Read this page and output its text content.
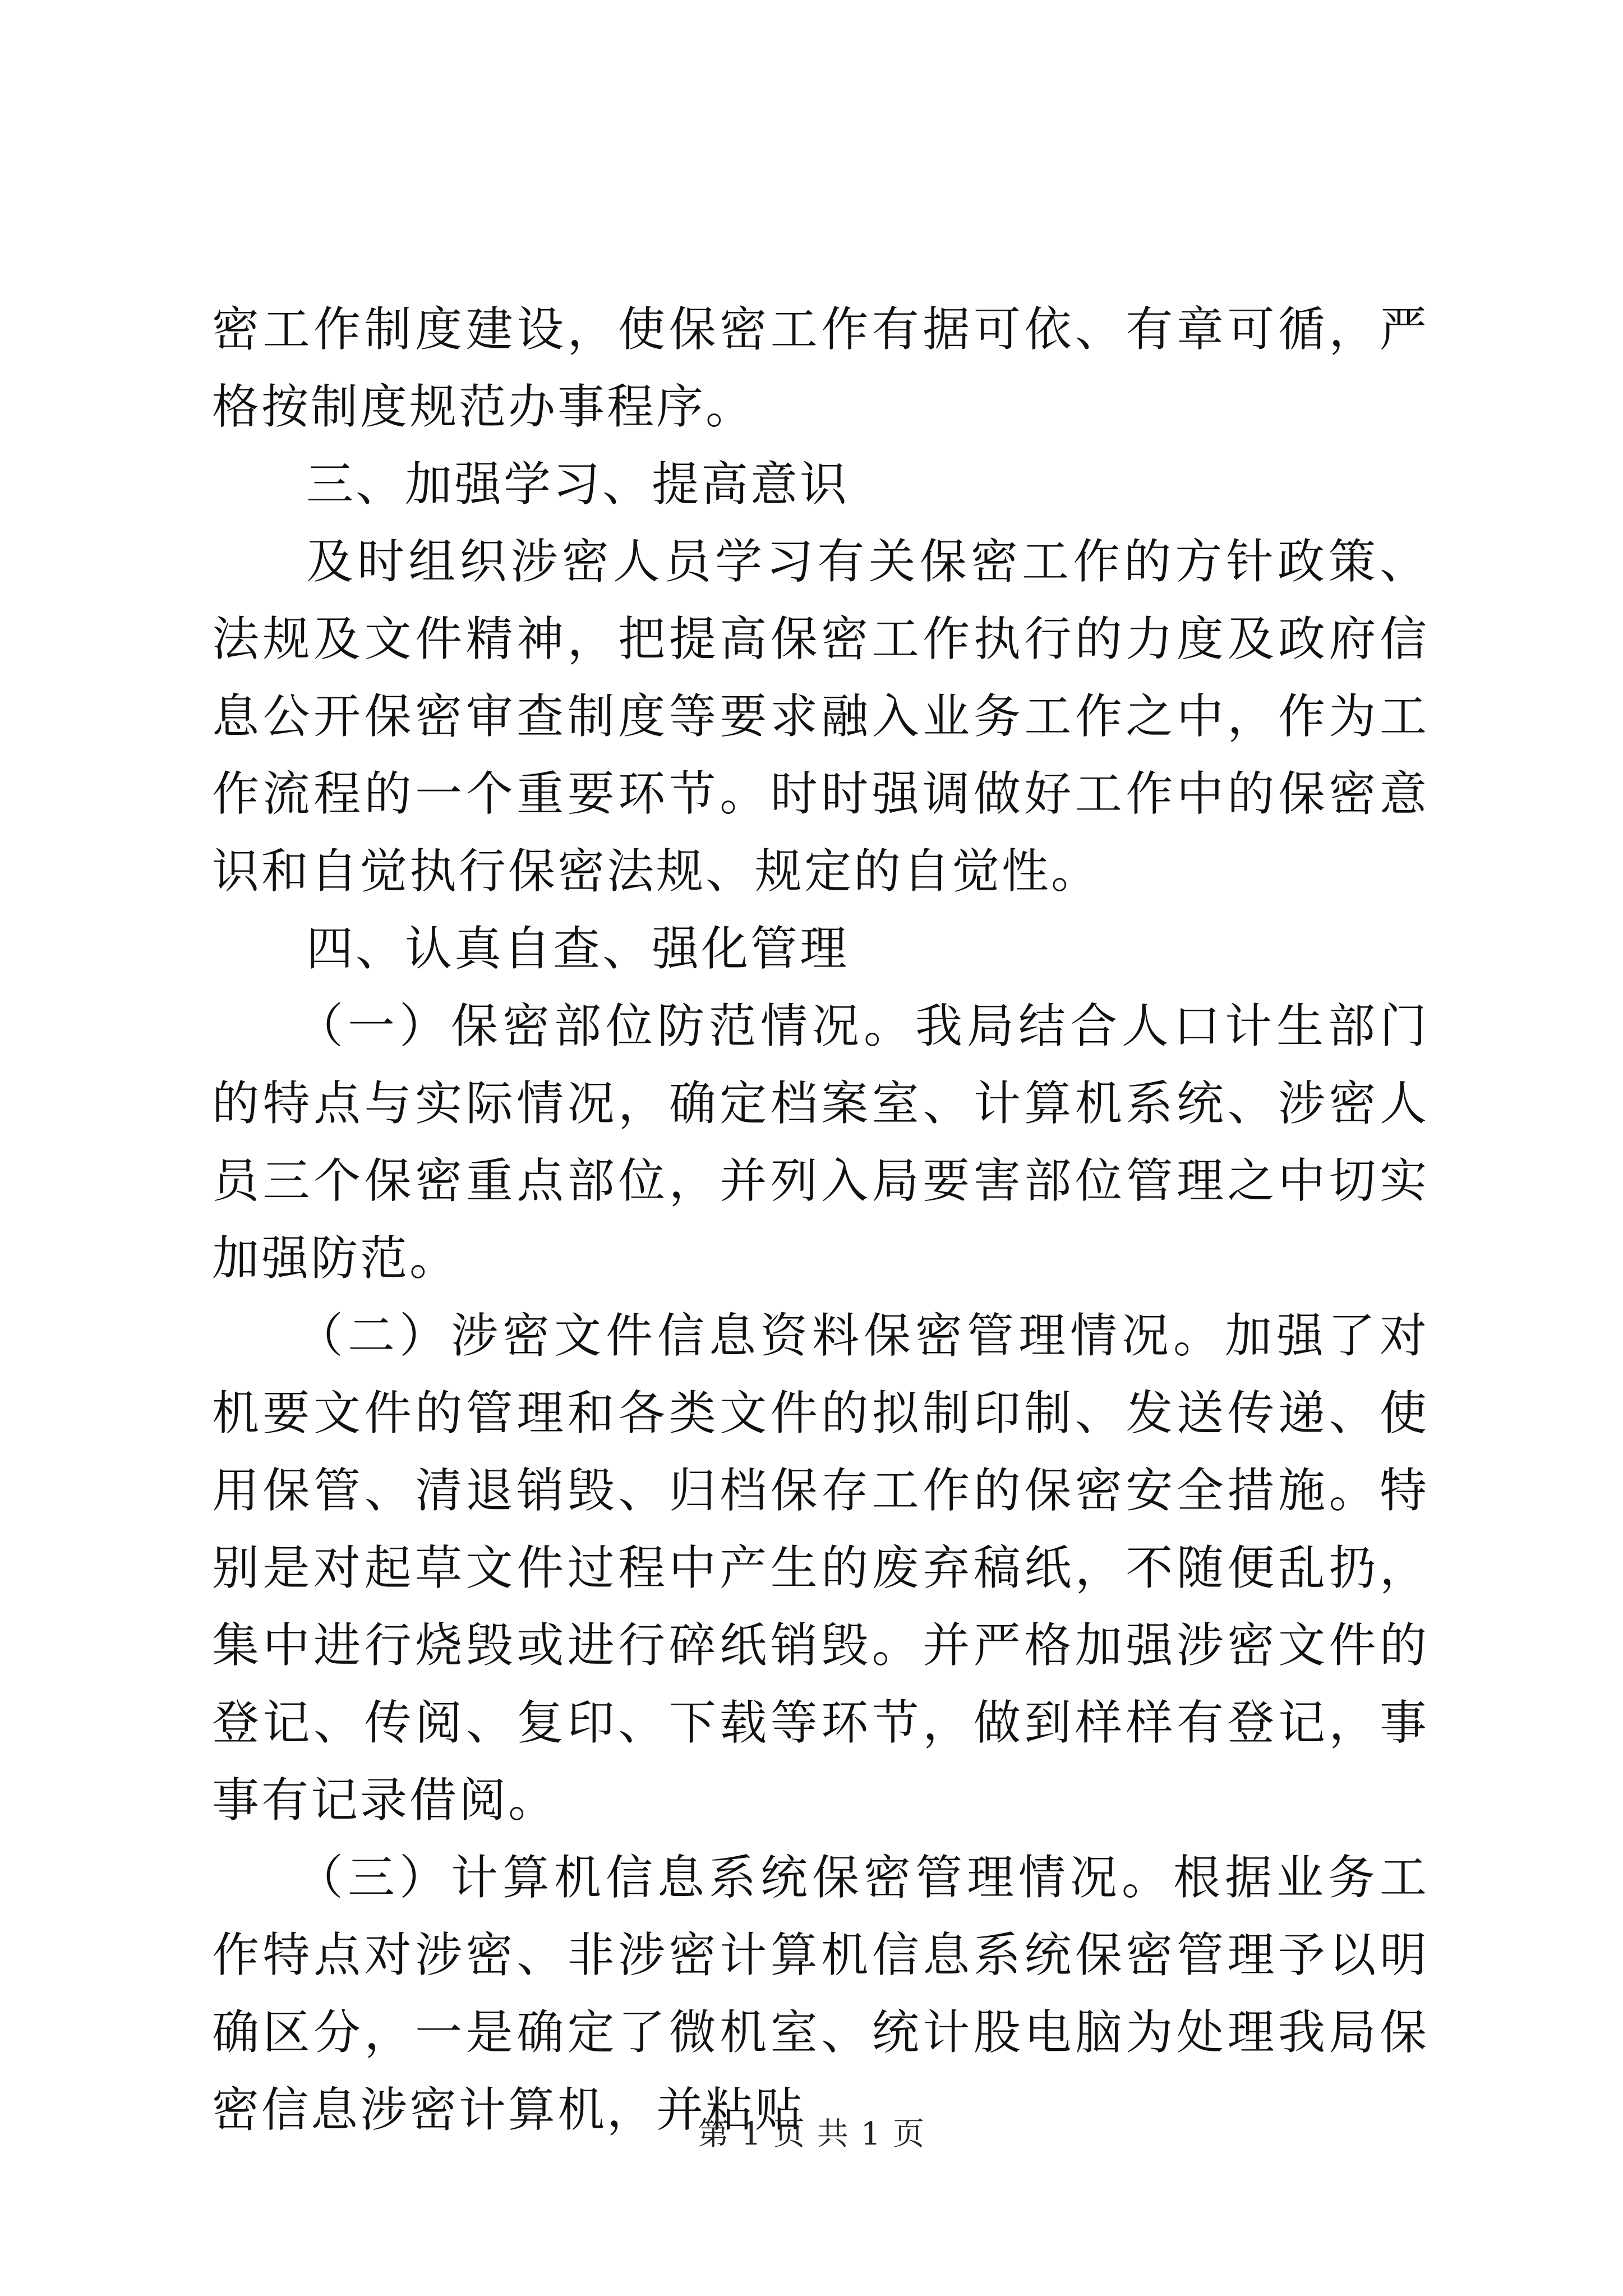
密工作制度建设，使保密工作有据可依、有章可循，严格按制度规范办事程序。

三、加强学习、提高意识

及时组织涉密人员学习有关保密工作的方针政策、法规及文件精神，把提高保密工作执行的力度及政府信息公开保密审查制度等要求融入业务工作之中，作为工作流程的一个重要环节。时时强调做好工作中的保密意识和自觉执行保密法规、规定的自觉性。

四、认真自查、强化管理

（一）保密部位防范情况。我局结合人口计生部门的特点与实际情况，确定档案室、计算机系统、涉密人员三个保密重点部位，并列入局要害部位管理之中切实加强防范。

（二）涉密文件信息资料保密管理情况。加强了对机要文件的管理和各类文件的拟制印制、发送传递、使用保管、清退销毁、归档保存工作的保密安全措施。特别是对起草文件过程中产生的废弃稿纸，不随便乱扔，集中进行烧毁或进行碎纸销毁。并严格加强涉密文件的登记、传阅、复印、下载等环节，做到样样有登记，事事有记录借阅。

（三）计算机信息系统保密管理情况。根据业务工作特点对涉密、非涉密计算机信息系统保密管理予以明确区分，一是确定了微机室、统计股电脑为处理我局保密信息涉密计算机，并粘贴

第 1 页 共 1 页
